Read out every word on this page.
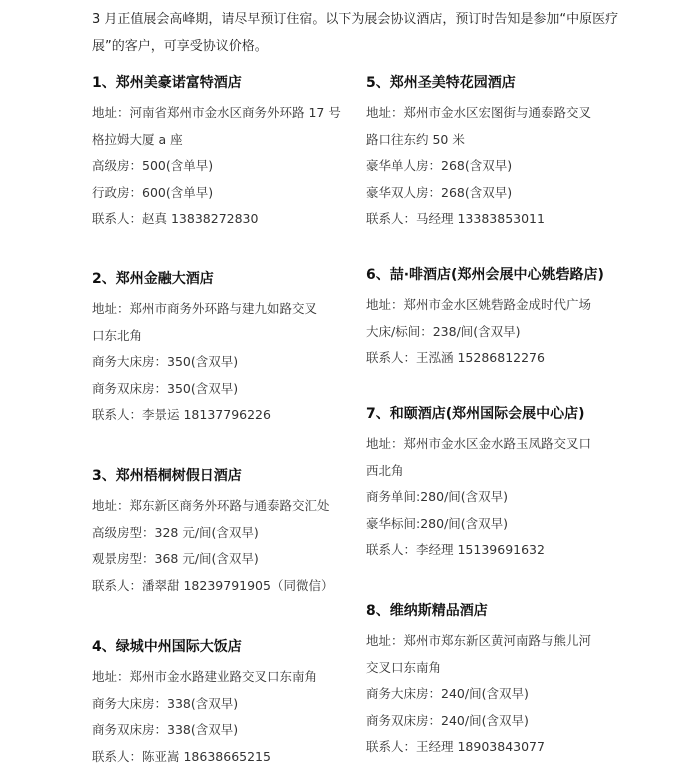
3 月正值展会高峰期，请尽早预订住宿。以下为展会协议酒店，预订时告知是参加“中原医疗展”的客户，可享受协议价格。
1、郑州美豪诺富特酒店
地址：河南省郑州市金水区商务外环路 17 号
格拉姆大厦 a 座
高级房：500(含单早)
行政房：600(含单早)
联系人：赵真 13838272830
2、郑州金融大酒店
地址：郑州市商务外环路与建九如路交叉
口东北角
商务大床房：350(含双早)
商务双床房：350(含双早)
联系人：李景运 18137796226
3、郑州梧桐树假日酒店
地址：郑东新区商务外环路与通泰路交汇处
高级房型：328 元/间(含双早)
观景房型：368 元/间(含双早)
联系人：潘翠甜 18239791905（同微信）
4、绿城中州国际大饭店
地址：郑州市金水路建业路交叉口东南角
商务大床房：338(含双早)
商务双床房：338(含双早)
联系人：陈亚嵩 18638665215
5、郑州圣美特花园酒店
地址：郑州市金水区宏图街与通泰路交叉
路口往东约 50 米
豪华单人房：268(含双早)
豪华双人房：268(含双早)
联系人：马经理 13383853011
6、喆·啡酒店(郑州会展中心姚砦路店)
地址：郑州市金水区姚砦路金成时代广场
大床/标间：238/间(含双早)
联系人：王泓涵 15286812276
7、和颐酒店(郑州国际会展中心店)
地址：郑州市金水区金水路玉凤路交叉口
西北角
商务单间:280/间(含双早)
豪华标间:280/间(含双早)
联系人：李经理 15139691632
8、维纳斯精品酒店
地址：郑州市郑东新区黄河南路与熊儿河
交叉口东南角
商务大床房：240/间(含双早)
商务双床房：240/间(含双早)
联系人：王经理 18903843077
